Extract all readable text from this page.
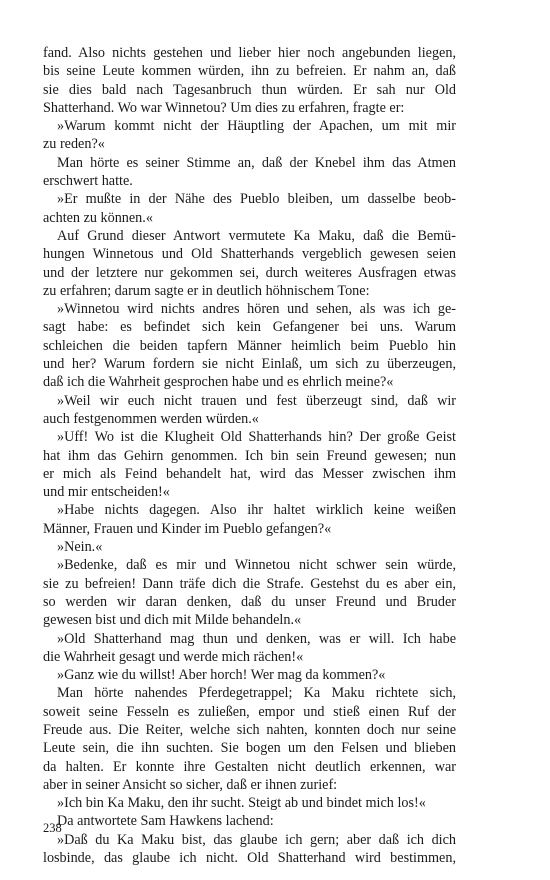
fand. Also nichts gestehen und lieber hier noch angebunden liegen,
bis seine Leute kommen würden, ihn zu befreien. Er nahm an, daß
sie dies bald nach Tagesanbruch thun würden. Er sah nur Old
Shatterhand. Wo war Winnetou? Um dies zu erfahren, fragte er:
»Warum kommt nicht der Häuptling der Apachen, um mit mir
zu reden?«
Man hörte es seiner Stimme an, daß der Knebel ihm das Atmen
erschwert hatte.
»Er mußte in der Nähe des Pueblo bleiben, um dasselbe beob-
achten zu können.«
Auf Grund dieser Antwort vermutete Ka Maku, daß die Bemü-
hungen Winnetous und Old Shatterhands vergeblich gewesen seien
und der letztere nur gekommen sei, durch weiteres Ausfragen etwas
zu erfahren; darum sagte er in deutlich höhnischem Tone:
»Winnetou wird nichts andres hören und sehen, als was ich ge-
sagt habe: es befindet sich kein Gefangener bei uns. Warum
schleichen die beiden tapfern Männer heimlich beim Pueblo hin
und her? Warum fordern sie nicht Einlaß, um sich zu überzeugen,
daß ich die Wahrheit gesprochen habe und es ehrlich meine?«
»Weil wir euch nicht trauen und fest überzeugt sind, daß wir
auch festgenommen werden würden.«
»Uff! Wo ist die Klugheit Old Shatterhands hin? Der große Geist
hat ihm das Gehirn genommen. Ich bin sein Freund gewesen; nun
er mich als Feind behandelt hat, wird das Messer zwischen ihm
und mir entscheiden!«
»Habe nichts dagegen. Also ihr haltet wirklich keine weißen
Männer, Frauen und Kinder im Pueblo gefangen?«
»Nein.«
»Bedenke, daß es mir und Winnetou nicht schwer sein würde,
sie zu befreien! Dann träfe dich die Strafe. Gestehst du es aber ein,
so werden wir daran denken, daß du unser Freund und Bruder
gewesen bist und dich mit Milde behandeln.«
»Old Shatterhand mag thun und denken, was er will. Ich habe
die Wahrheit gesagt und werde mich rächen!«
»Ganz wie du willst! Aber horch! Wer mag da kommen?«
Man hörte nahendes Pferdegetrappel; Ka Maku richtete sich,
soweit seine Fesseln es zuließen, empor und stieß einen Ruf der
Freude aus. Die Reiter, welche sich nahten, konnten doch nur seine
Leute sein, die ihn suchten. Sie bogen um den Felsen und blieben
da halten. Er konnte ihre Gestalten nicht deutlich erkennen, war
aber in seiner Ansicht so sicher, daß er ihnen zurief:
»Ich bin Ka Maku, den ihr sucht. Steigt ab und bindet mich los!«
Da antwortete Sam Hawkens lachend:
»Daß du Ka Maku bist, das glaube ich gern; aber daß ich dich
losbinde, das glaube ich nicht. Old Shatterhand wird bestimmen,
238
